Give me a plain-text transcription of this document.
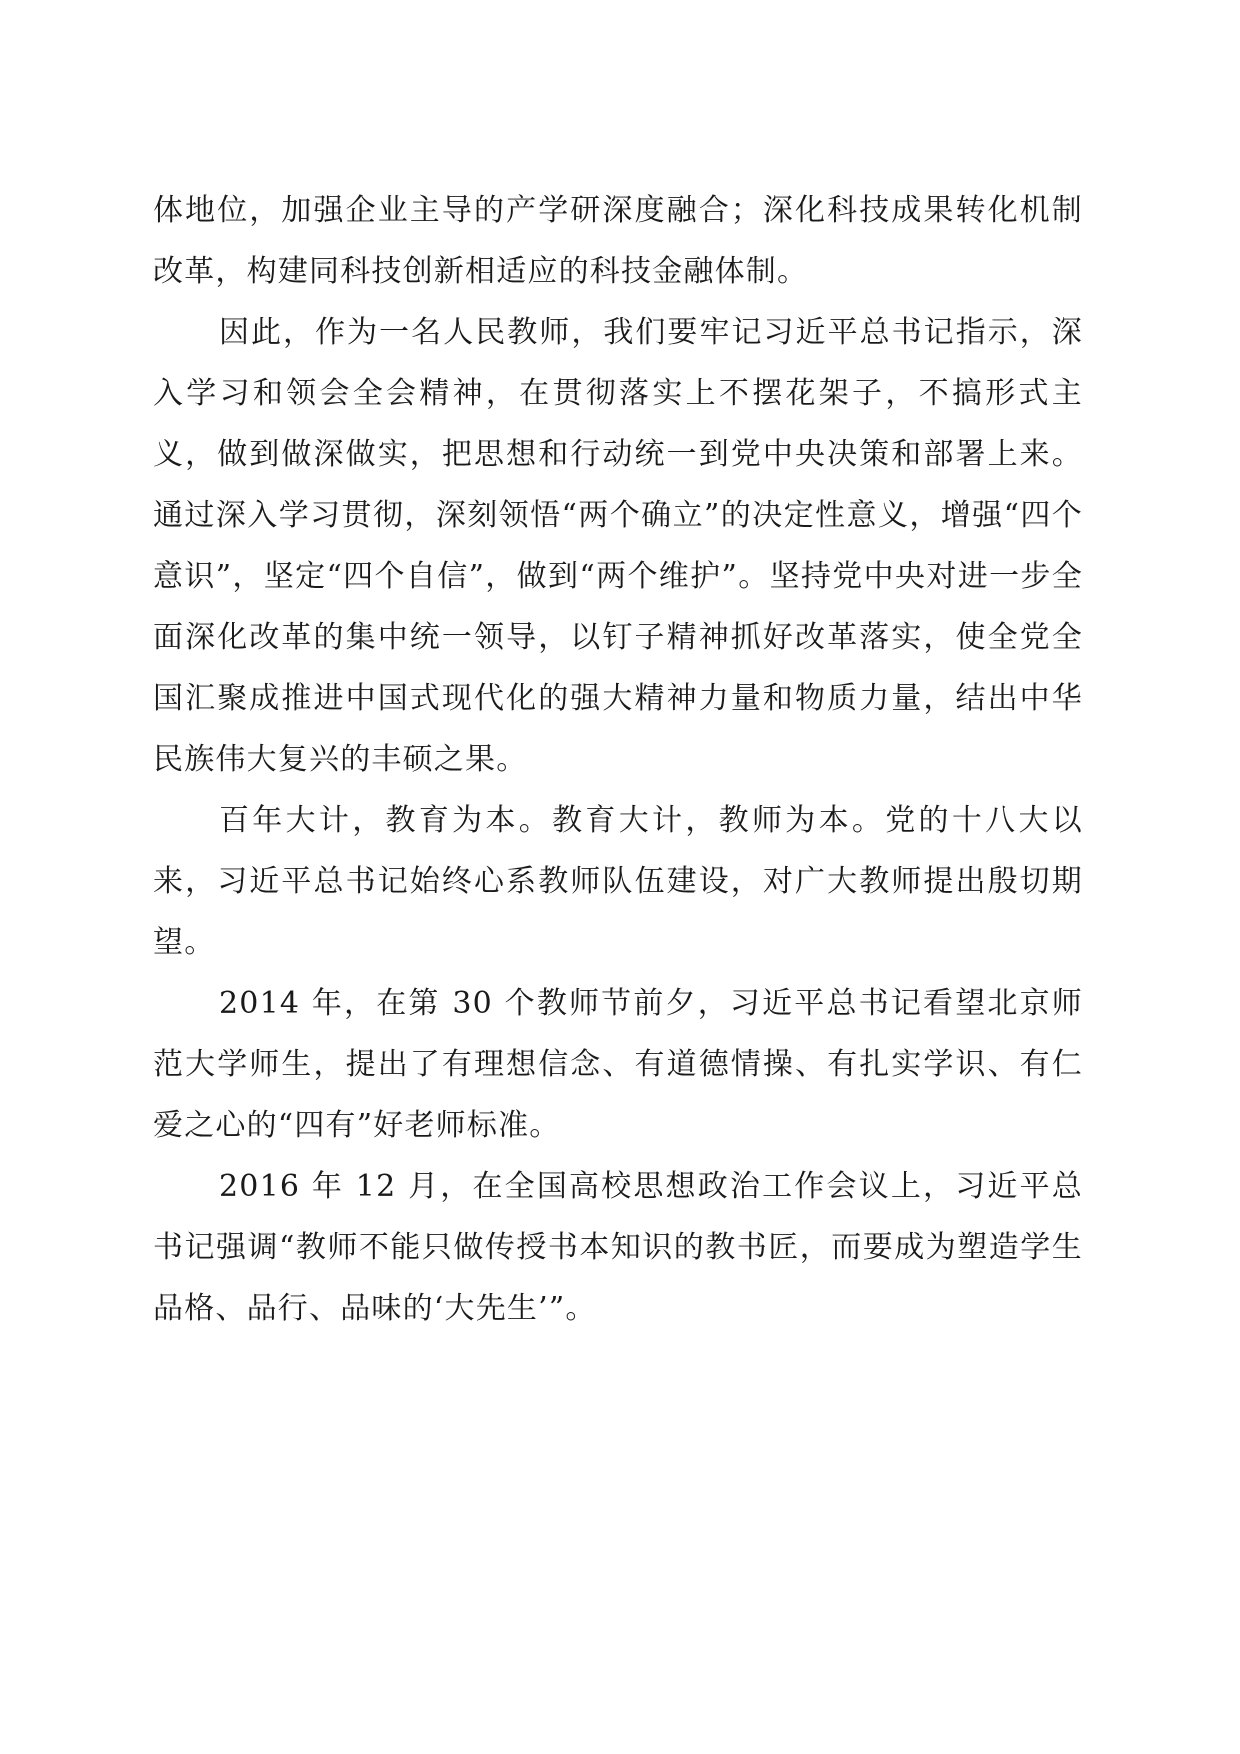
体地位，加强企业主导的产学研深度融合；深化科技成果转化机制改革，构建同科技创新相适应的科技金融体制。

因此，作为一名人民教师，我们要牢记习近平总书记指示，深入学习和领会全会精神，在贯彻落实上不摆花架子，不搞形式主义，做到做深做实，把思想和行动统一到党中央决策和部署上来。通过深入学习贯彻，深刻领悟“两个确立”的决定性意义，增强“四个意识”，坚定“四个自信”，做到“两个维护”。坚持党中央对进一步全面深化改革的集中统一领导，以钉子精神抓好改革落实，使全党全国汇聚成推进中国式现代化的强大精神力量和物质力量，结出中华民族伟大复兴的丰硕之果。

百年大计，教育为本。教育大计，教师为本。党的十八大以来，习近平总书记始终心系教师队伍建设，对广大教师提出殷切期望。

2014 年，在第 30 个教师节前夕，习近平总书记看望北京师范大学师生，提出了有理想信念、有道德情操、有扎实学识、有仁爱之心的“四有”好老师标准。

2016 年 12 月，在全国高校思想政治工作会议上，习近平总书记强调“教师不能只做传授书本知识的教书匠，而要成为塑造学生品格、品行、品味的‘大先生’”。
